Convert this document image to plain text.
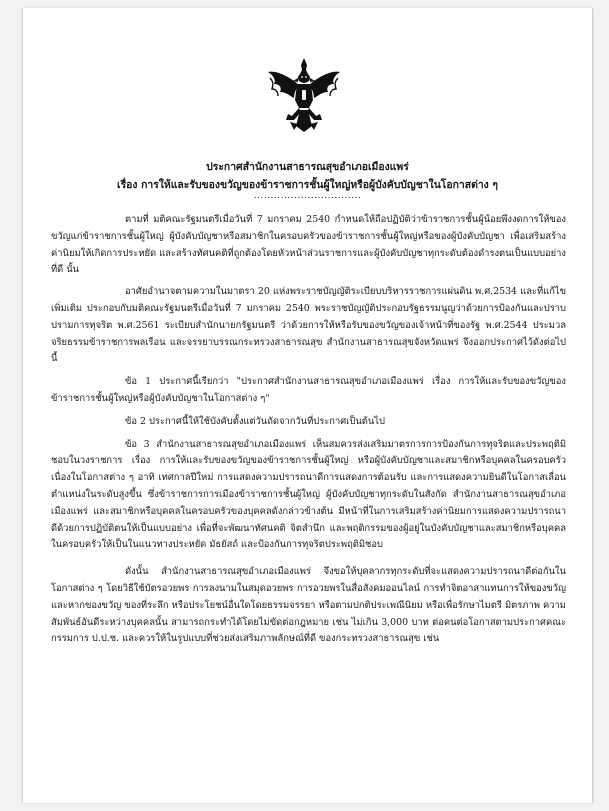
ประกาศสำนักงานสาธารณสุขอำเภอเมืองแพร่
เรื่อง การให้และรับของขวัญของข้าราชการชั้นผู้ใหญ่หรือผู้บังคับบัญชาในโอกาสต่าง ๆ
................................

ตามที่ มติคณะรัฐมนตรีเมื่อวันที่ 7 มกราคม 2540 กำหนดให้ถือปฏิบัติว่าข้าราชการชั้นผู้น้อยพึงงดการให้ของขวัญแก่ข้าราชการชั้นผู้ใหญ่ ผู้บังคับบัญชาหรือสมาชิกในครอบครัวของข้าราชการชั้นผู้ใหญ่หรือของผู้บังคับบัญชา เพื่อเสริมสร้างค่านิยมให้เกิดการประหยัด และสร้างทัศนคติที่ถูกต้องโดยหัวหน้าส่วนราชการและผู้บังคับบัญชาทุกระดับต้องดำรงตนเป็นแบบอย่างที่ดี นั้น

อาศัยอำนาจตามความในมาตรา 20 แห่งพระราชบัญญัติระเบียบบริหารราชการแผ่นดิน พ.ศ.2534 และที่แก้ไขเพิ่มเติม ประกอบกับมติคณะรัฐมนตรีเมื่อวันที่ 7 มกราคม 2540 พระราชบัญญัติประกอบรัฐธรรมนูญว่าด้วยการป้องกันและปราบปรามการทุจริต พ.ศ.2561 ระเบียบสำนักนายกรัฐมนตรี ว่าด้วยการให้หรือรับของขวัญของเจ้าหน้าที่ของรัฐ พ.ศ.2544 ประมวลจริยธรรมข้าราชการพลเรือน และจรรยาบรรณกระทรวงสาธารณสุข สำนักงานสาธารณสุขจังหวัดแพร่ จึงออกประกาศไว้ดังต่อไปนี้

ข้อ 1 ประกาศนี้เรียกว่า "ประกาศสำนักงานสาธารณสุขอำเภอเมืองแพร่ เรื่อง การให้และรับของขวัญของข้าราชการชั้นผู้ใหญ่หรือผู้บังคับบัญชาในโอกาสต่าง ๆ"

ข้อ 2 ประกาศนี้ให้ใช้บังคับตั้งแต่วันถัดจากวันที่ประกาศเป็นต้นไป

ข้อ 3 สำนักงานสาธารณสุขอำเภอเมืองแพร่ เห็นสมควรส่งเสริมมาตรการการป้องกันการทุจริตและประพฤติมิชอบในวงราชการ เรื่อง การให้และรับของขวัญของข้าราชการชั้นผู้ใหญ่ หรือผู้บังคับบัญชาและสมาชิกหรือบุคคลในครอบครัว เนื่องในโอกาสต่าง ๆ อาทิ เทศกาลปีใหม่ การแสดงความปรารถนาดีการแสดงการต้อนรับ และการแสดงความยินดีในโอกาสเลื่อนตำแหน่งในระดับสูงขึ้น ซึ่งข้าราชการการเมืองข้าราชการชั้นผู้ใหญ่ ผู้บังคับบัญชาทุกระดับในสังกัด สำนักงานสาธารณสุขอำเภอเมืองแพร่ และสมาชิกหรือบุคคลในครอบครัวของบุคคลดังกล่าวข้างต้น มีหน้าที่ในการเสริมสร้างค่านิยมการแสดงความปรารถนาดีด้วยการปฏิบัติตนให้เป็นแบบอย่าง เพื่อที่จะพัฒนาทัศนคติ จิตสำนึก และพฤติกรรมของผู้อยู่ในบังคับบัญชาและสมาชิกหรือบุคคลในครอบครัวให้เป็นในแนวทางประหยัด มัธยัสถ์ และป้องกันการทุจริตประพฤติมิชอบ

ดังนั้น สำนักงานสาธารณสุขอำเภอเมืองแพร่ จึงขอให้บุคลากรทุกระดับที่จะแสดงความปรารถนาดีต่อกันในโอกาสต่าง ๆ โดยวิธีใช้บัตรอวยพร การลงนามในสมุดอวยพร การอวยพรในสื่อสังคมออนไลน์ การทำจิตอาสาแทนการให้ของขวัญ และหากของขวัญ ของที่ระลึก หรือประโยชน์อื่นใดโดยธรรมจรรยา หรือตามปกติประเพณีนิยม หรือเพื่อรักษาไมตรี มิตรภาพ ความสัมพันธ์อันดีระหว่างบุคคลนั้น สามารถกระทำได้โดยไม่ขัดต่อกฎหมาย เช่น ไม่เกิน 3,000 บาท ต่อคนต่อโอกาสตามประกาศคณะกรรมการ ป.ป.ช. และควรให้ในรูปแบบที่ช่วยส่งเสริมภาพลักษณ์ที่ดี ของกระทรวงสาธารณสุข เช่น
